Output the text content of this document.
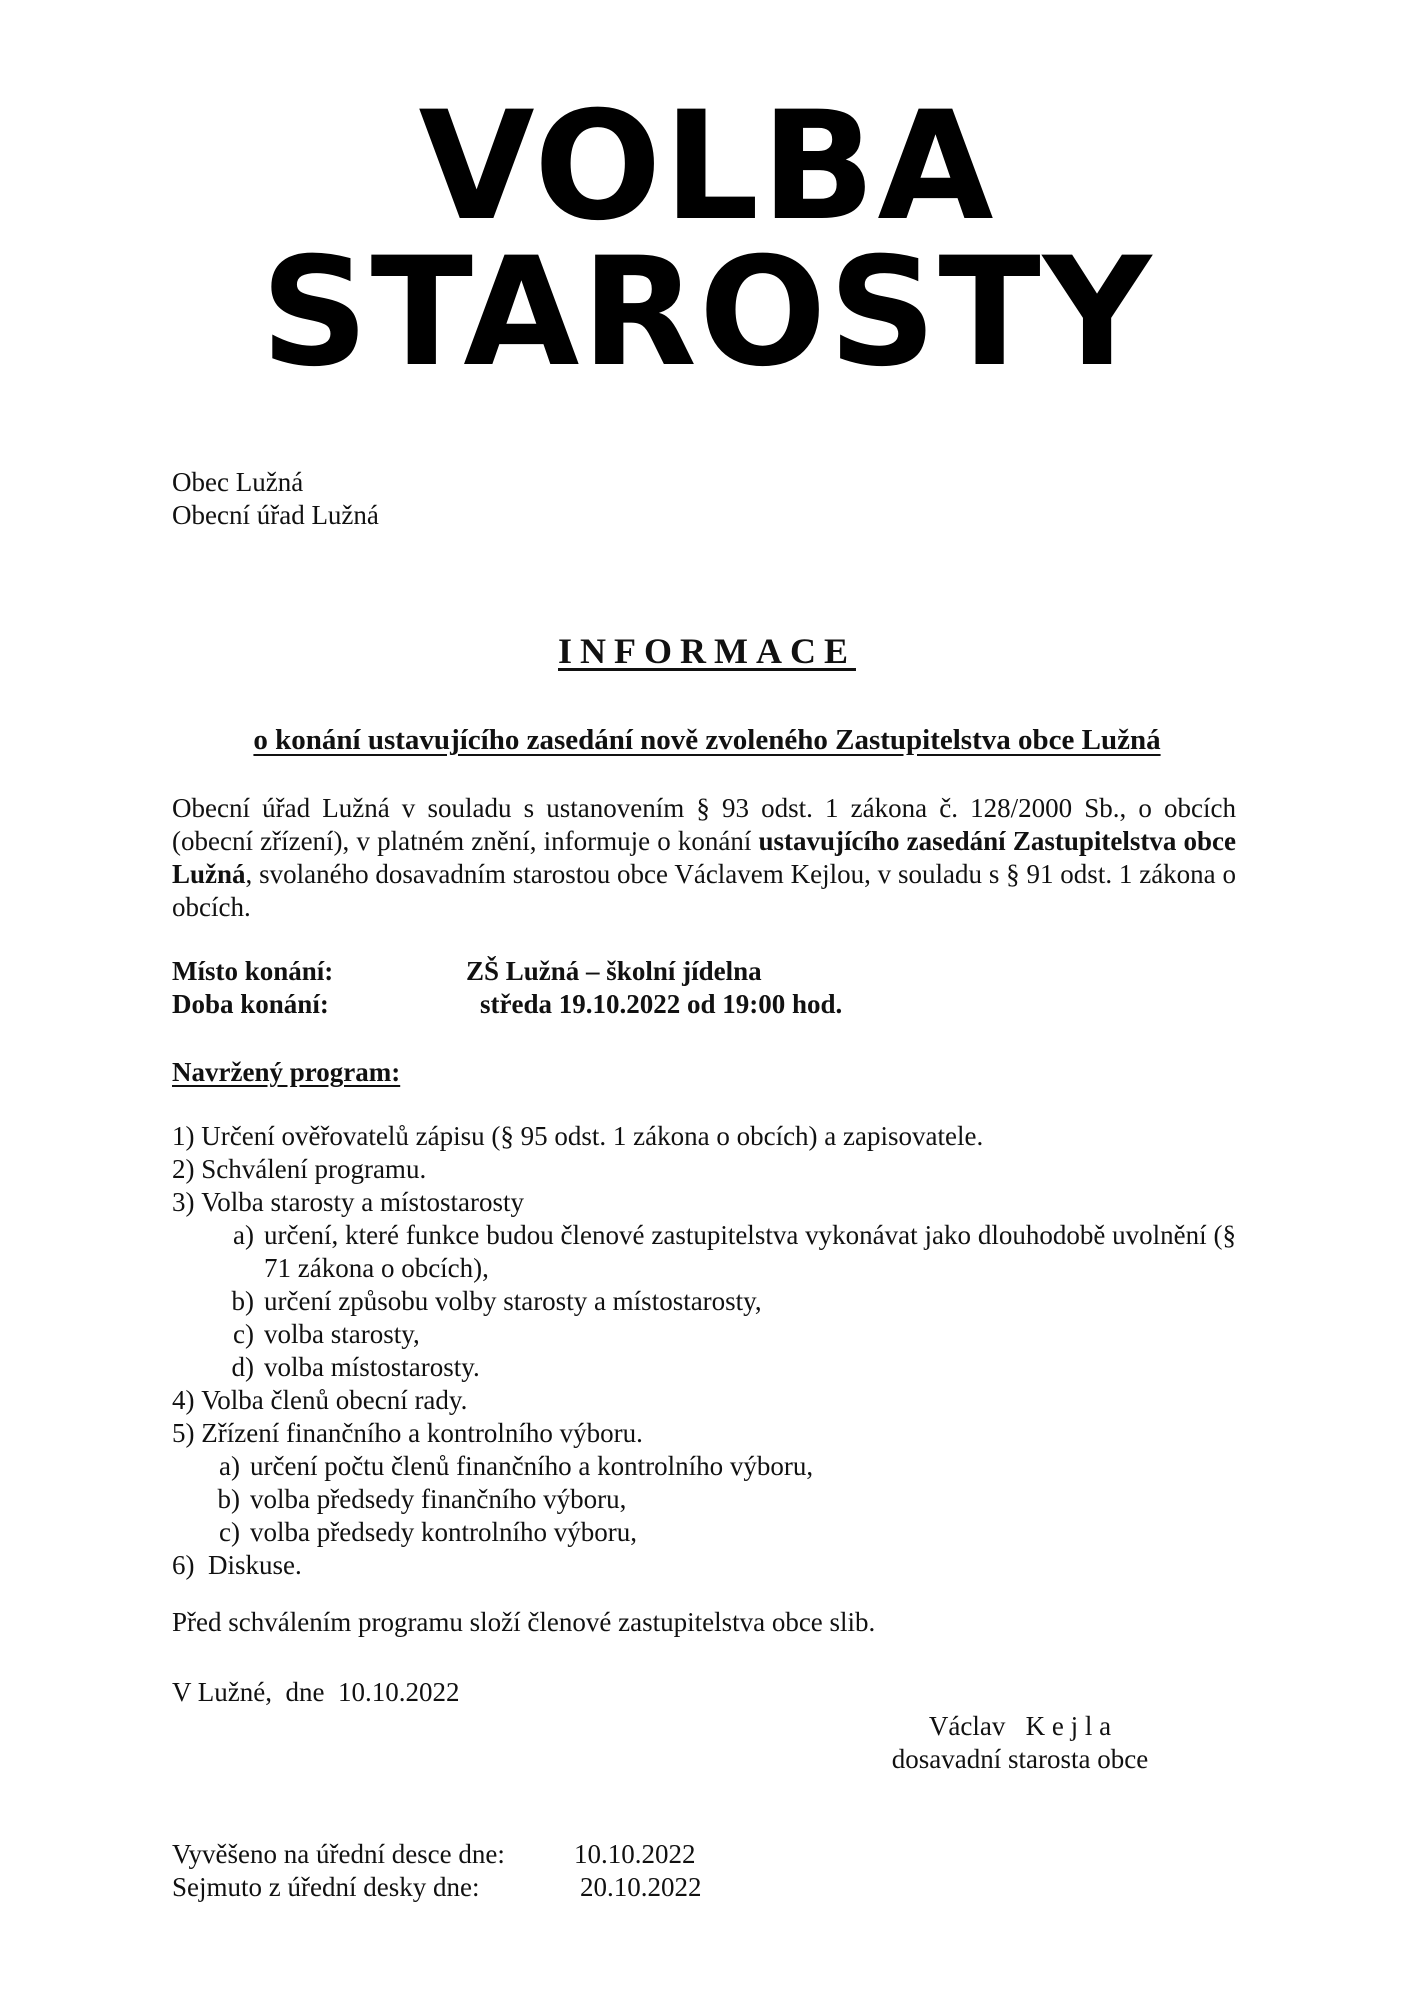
VOLBA
STAROSTY
Obec Lužná
Obecní úřad Lužná
INFORMACE
o konání ustavujícího zasedání nově zvoleného Zastupitelstva obce Lužná
Obecní úřad Lužná v souladu s ustanovením § 93 odst. 1 zákona č. 128/2000 Sb., o obcích (obecní zřízení), v platném znění, informuje o konání ustavujícího zasedání Zastupitelstva obce Lužná, svolaného dosavadním starostou obce Václavem Kejlou, v souladu s § 91 odst. 1 zákona o obcích.
Místo konání:	ZŠ Lužná – školní jídelna
Doba konání:	středa 19.10.2022 od 19:00 hod.
Navržený program:
1) Určení ověřovatelů zápisu (§ 95 odst. 1 zákona o obcích) a zapisovatele.
2) Schválení programu.
3) Volba starosty a místostarosty
a) určení, které funkce budou členové zastupitelstva vykonávat jako dlouhodobě uvolnění (§ 71 zákona o obcích),
b) určení způsobu volby starosty a místostarosty,
c) volba starosty,
d) volba místostarosty.
4) Volba členů obecní rady.
5) Zřízení finančního a kontrolního výboru.
a) určení počtu členů finančního a kontrolního výboru,
b) volba předsedy finančního výboru,
c) volba předsedy kontrolního výboru,
6) Diskuse.
Před schválením programu složí členové zastupitelstva obce slib.
V Lužné,  dne  10.10.2022
Václav   K e j l a
dosavadní starosta obce
Vyvěšeno na úřední desce dne:	10.10.2022
Sejmuto z úřední desky dne:	20.10.2022
